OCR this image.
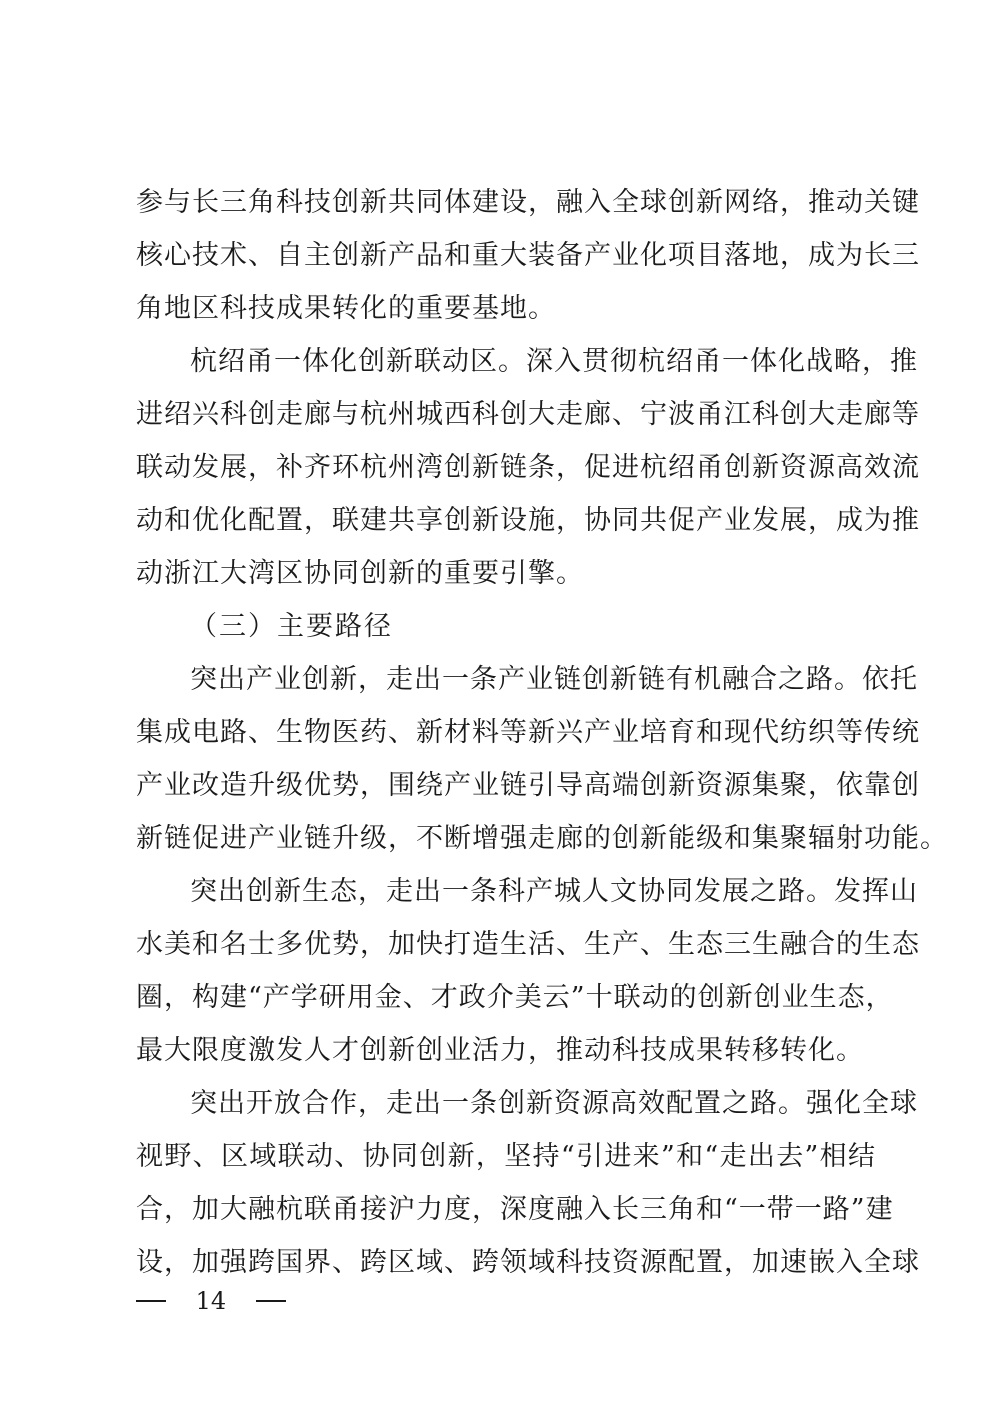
参与长三角科技创新共同体建设，融入全球创新网络，推动关键
核心技术、自主创新产品和重大装备产业化项目落地，成为长三
角地区科技成果转化的重要基地。
杭绍甬一体化创新联动区。深入贯彻杭绍甬一体化战略，推
进绍兴科创走廊与杭州城西科创大走廊、宁波甬江科创大走廊等
联动发展，补齐环杭州湾创新链条，促进杭绍甬创新资源高效流
动和优化配置，联建共享创新设施，协同共促产业发展，成为推
动浙江大湾区协同创新的重要引擎。
（三）主要路径
突出产业创新，走出一条产业链创新链有机融合之路。依托
集成电路、生物医药、新材料等新兴产业培育和现代纺织等传统
产业改造升级优势，围绕产业链引导高端创新资源集聚，依靠创
新链促进产业链升级，不断增强走廊的创新能级和集聚辐射功能。
突出创新生态，走出一条科产城人文协同发展之路。发挥山
水美和名士多优势，加快打造生活、生产、生态三生融合的生态
圈，构建“产学研用金、才政介美云”十联动的创新创业生态，
最大限度激发人才创新创业活力，推动科技成果转移转化。
突出开放合作，走出一条创新资源高效配置之路。强化全球
视野、区域联动、协同创新，坚持“引进来”和“走出去”相结
合，加大融杭联甬接沪力度，深度融入长三角和“一带一路”建
设，加强跨国界、跨区域、跨领域科技资源配置，加速嵌入全球
14
